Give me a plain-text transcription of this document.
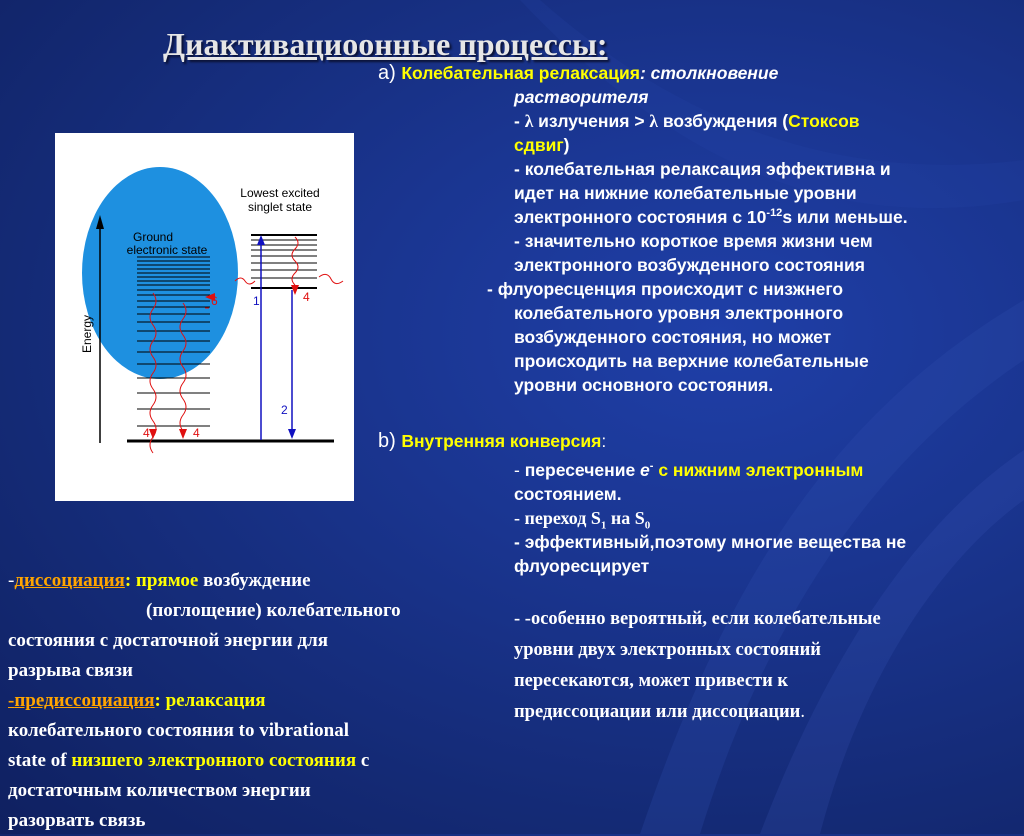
Диактивациoонные процессы:
Energy
Ground
electronic state
Lowest excited
singlet state
1
2
4
4	4
6
a) Колебательная релаксация: столкновение
растворителя
- λ излучения > λ возбуждения (Стоксов
сдвиг)
- колебательная релаксация эффективна и
идет на нижние колебательные уровни
электронного состояния с $10^{-12}s$ или меньше.
- значительно короткое время жизни чем
электронного возбужденного состояния
- флуоресценция происходит с низжнего
колебательного уровня электронного
возбужденного состояния, но может
происходить на верхние колебательные
уровни основного состояния.
b) Внутренняя конверсия:
- пересечение e- с нижним электронным
состоянием.
- переход $S_1$ на $S_0$
- эффективный,поэтому многие вещества не
флуоресцирует
- -особенно вероятный, если колебательные
уровни двух электронных состояний
пересекаются, может привести к
предиссоциации или диссоциации.
-диссоциация: прямое возбуждение
(поглощение) колебательного
состояния с достаточной энергии для
разрыва связи
-предиссоциация: релаксация
колебательного состояния to vibrational
state of низшего электронного состояния с
достаточным количеством энергии
разорвать связь
